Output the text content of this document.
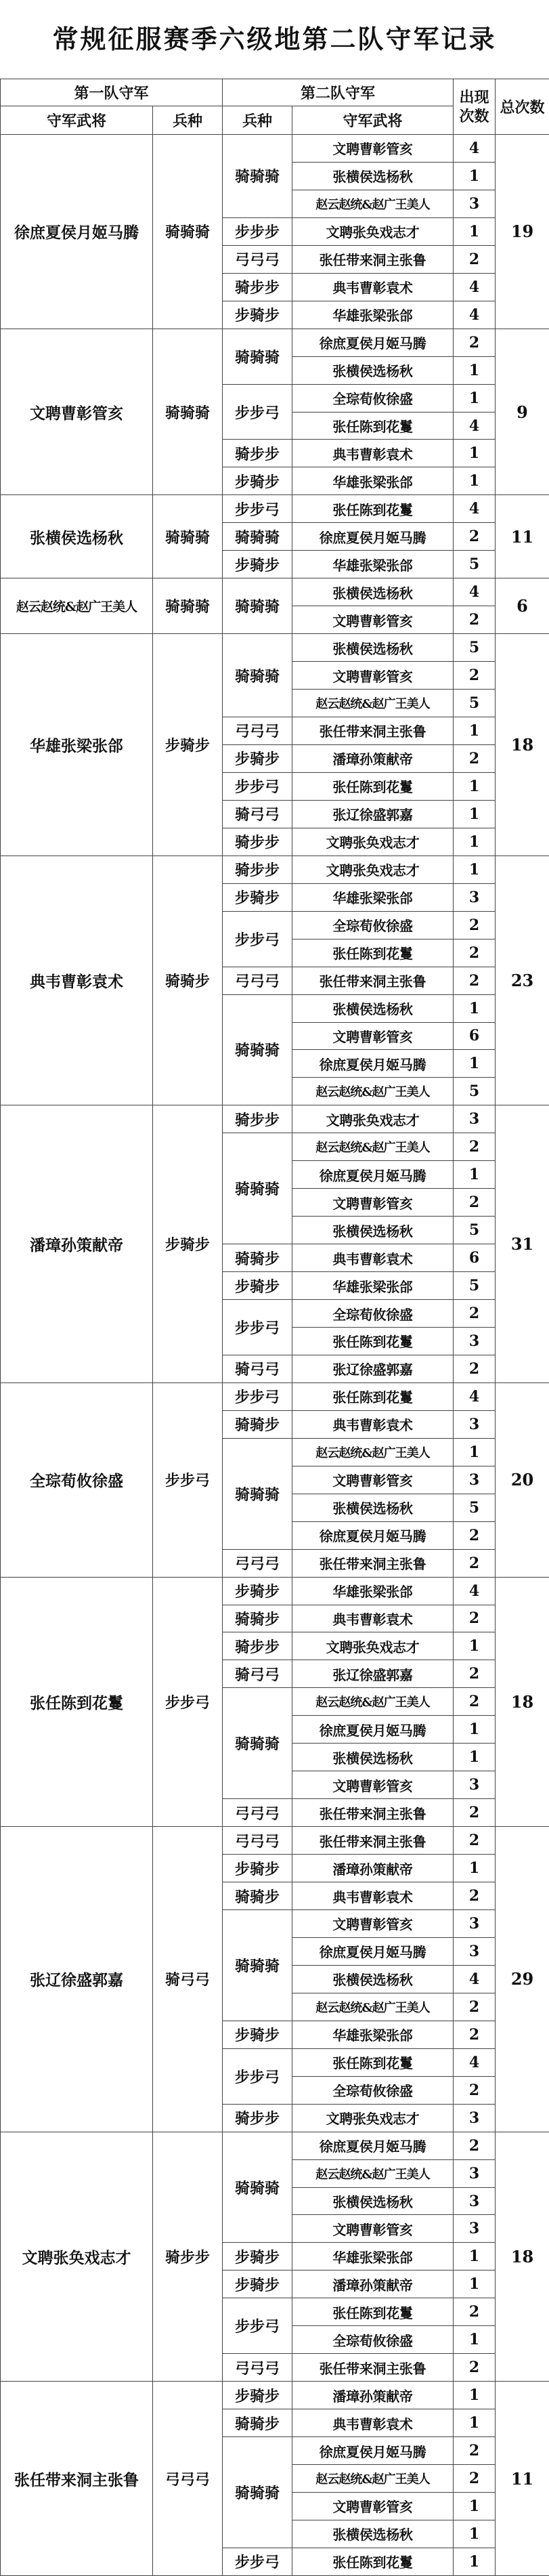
常规征服赛季六级地第二队守军记录
第一队守军		第二队守军		出现次数	总次数
守军武将	兵种	兵种	守军武将		
徐庶夏侯月姬马腾	骑骑骑	骑骑骑	文聘曹彰管亥	4	19
			张横侯选杨秋	1	
			赵云赵统&赵广王美人	3	
		步步步	文聘张奂戏志才	1	
		弓弓弓	张任带来洞主张鲁	2	
		骑步步	典韦曹彰袁术	4	
		步骑步	华雄张梁张郃	4	
文聘曹彰管亥	骑骑骑	骑骑骑	徐庶夏侯月姬马腾	2	9
			张横侯选杨秋	1	
		步步弓	全琮荀攸徐盛	1	
			张任陈到花鬘	4	
		骑步步	典韦曹彰袁术	1	
		步骑步	华雄张梁张郃	1	
张横侯选杨秋	骑骑骑	步步弓	张任陈到花鬘	4	11
		骑骑骑	徐庶夏侯月姬马腾	2	
		步骑步	华雄张梁张郃	5	
赵云赵统&赵广王美人	骑骑骑	骑骑骑	张横侯选杨秋	4	6
			文聘曹彰管亥	2	
华雄张梁张郃	步骑步	骑骑骑	张横侯选杨秋	5	18
			文聘曹彰管亥	2	
			赵云赵统&赵广王美人	5	
		弓弓弓	张任带来洞主张鲁	1	
		步骑步	潘璋孙策献帝	2	
		步步弓	张任陈到花鬘	1	
		骑弓弓	张辽徐盛郭嘉	1	
		骑步步	文聘张奂戏志才	1	
典韦曹彰袁术	骑骑步	骑步步	文聘张奂戏志才	1	23
		步骑步	华雄张梁张郃	3	
		步步弓	全琮荀攸徐盛	2	
			张任陈到花鬘	2	
		弓弓弓	张任带来洞主张鲁	2	
		骑骑骑	张横侯选杨秋	1	
			文聘曹彰管亥	6	
			徐庶夏侯月姬马腾	1	
			赵云赵统&赵广王美人	5	
潘璋孙策献帝	步骑步	骑步步	文聘张奂戏志才	3	31
		骑骑骑	赵云赵统&赵广王美人	2	
			徐庶夏侯月姬马腾	1	
			文聘曹彰管亥	2	
			张横侯选杨秋	5	
		骑骑步	典韦曹彰袁术	6	
		步骑步	华雄张梁张郃	5	
		步步弓	全琮荀攸徐盛	2	
			张任陈到花鬘	3	
		骑弓弓	张辽徐盛郭嘉	2	
全琮荀攸徐盛	步步弓	步步弓	张任陈到花鬘	4	20
		骑骑步	典韦曹彰袁术	3	
		骑骑骑	赵云赵统&赵广王美人	1	
			文聘曹彰管亥	3	
			张横侯选杨秋	5	
			徐庶夏侯月姬马腾	2	
		弓弓弓	张任带来洞主张鲁	2	
张任陈到花鬘	步步弓	步骑步	华雄张梁张郃	4	18
		骑骑步	典韦曹彰袁术	2	
		骑步步	文聘张奂戏志才	1	
		骑弓弓	张辽徐盛郭嘉	2	
		骑骑骑	赵云赵统&赵广王美人	2	
			徐庶夏侯月姬马腾	1	
			张横侯选杨秋	1	
			文聘曹彰管亥	3	
		弓弓弓	张任带来洞主张鲁	2	
张辽徐盛郭嘉	骑弓弓	弓弓弓	张任带来洞主张鲁	2	29
		步骑步	潘璋孙策献帝	1	
		骑骑步	典韦曹彰袁术	2	
		骑骑骑	文聘曹彰管亥	3	
			徐庶夏侯月姬马腾	3	
			张横侯选杨秋	4	
			赵云赵统&赵广王美人	2	
		步骑步	华雄张梁张郃	2	
		步步弓	张任陈到花鬘	4	
			全琮荀攸徐盛	2	
		骑步步	文聘张奂戏志才	3	
文聘张奂戏志才	骑步步	骑骑骑	徐庶夏侯月姬马腾	2	18
			赵云赵统&赵广王美人	3	
			张横侯选杨秋	3	
			文聘曹彰管亥	3	
		步骑步	华雄张梁张郃	1	
		步骑步	潘璋孙策献帝	1	
		步步弓	张任陈到花鬘	2	
			全琮荀攸徐盛	1	
		弓弓弓	张任带来洞主张鲁	2	
张任带来洞主张鲁	弓弓弓	步骑步	潘璋孙策献帝	1	11
		骑骑步	典韦曹彰袁术	1	
		骑骑骑	徐庶夏侯月姬马腾	2	
			赵云赵统&赵广王美人	2	
			文聘曹彰管亥	1	
			张横侯选杨秋	1	
		步步弓	张任陈到花鬘	1	
